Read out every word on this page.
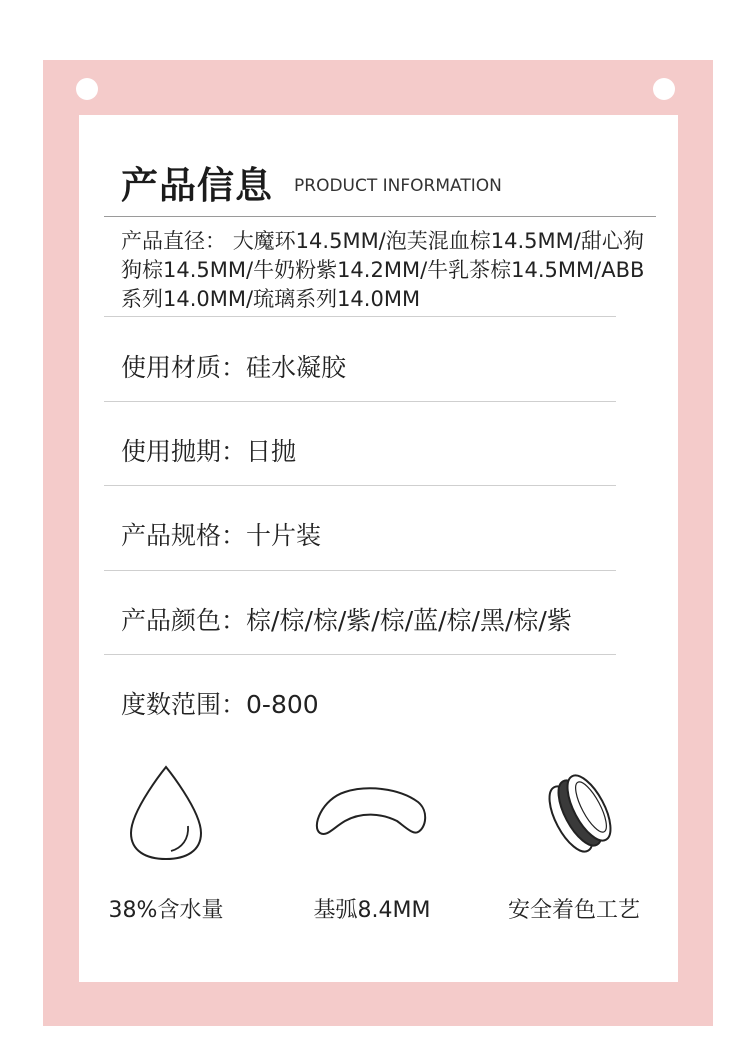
产品信息 PRODUCT INFORMATION
产品直径： 大魔环14.5MM/泡芙混血棕14.5MM/甜心狗狗棕14.5MM/牛奶粉紫14.2MM/牛乳茶棕14.5MM/ABB系列14.0MM/琉璃系列14.0MM
使用材质：硅水凝胶
使用抛期：日抛
产品规格：十片装
产品颜色：棕/棕/棕/紫/棕/蓝/棕/黑/棕/紫
度数范围：0-800
38%含水量	基弧8.4MM	安全着色工艺
